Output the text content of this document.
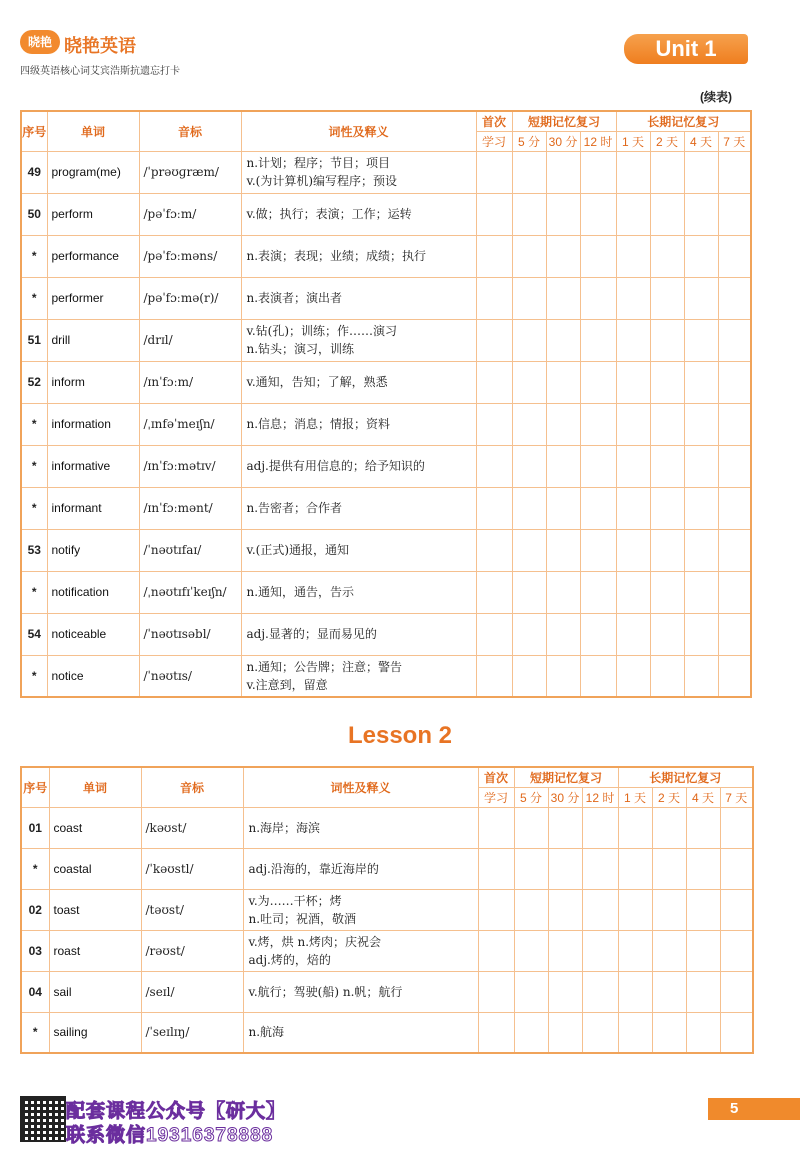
晓艳 晓艳英语
四级英语核心词艾宾浩斯抗遗忘打卡
Unit 1
(续表)
序号	单词	音标	词性及释义	首次	短期记忆复习			长期记忆复习			
				学习	5 分	30 分	12 时	1 天	2 天	4 天	7 天
49	program(me)	/ˈprəʊɡræm/	n.计划；程序；节目；项目
v.(为计算机)编写程序；预设								

50	perform	/pəˈfɔːm/	v.做；执行；表演；工作；运转								

*	performance	/pəˈfɔːməns/	n.表演；表现；业绩；成绩；执行								

*	performer	/pəˈfɔːmə(r)/	n.表演者；演出者								

51	drill	/drɪl/	v.钻(孔)；训练；作……演习
n.钻头；演习，训练								

52	inform	/ɪnˈfɔːm/	v.通知，告知；了解，熟悉								

*	information	/ˌɪnfəˈmeɪʃn/	n.信息；消息；情报；资料								

*	informative	/ɪnˈfɔːmətɪv/	adj.提供有用信息的；给予知识的								

*	informant	/ɪnˈfɔːmənt/	n.告密者；合作者								

53	notify	/ˈnəʊtɪfaɪ/	v.(正式)通报，通知								

*	notification	/ˌnəʊtɪfɪˈkeɪʃn/	n.通知，通告，告示								

54	noticeable	/ˈnəʊtɪsəbl/	adj.显著的；显而易见的								

*	notice	/ˈnəʊtɪs/	n.通知；公告牌；注意；警告
v.注意到，留意								

Lesson 2
序号	单词	音标	词性及释义	首次	短期记忆复习			长期记忆复习			
				学习	5 分	30 分	12 时	1 天	2 天	4 天	7 天
01	coast	/kəʊst/	n.海岸；海滨								

*	coastal	/ˈkəʊstl/	adj.沿海的，靠近海岸的								

02	toast	/təʊst/	v.为……干杯；烤
n.吐司；祝酒，敬酒								

03	roast	/rəʊst/	v.烤，烘 n.烤肉；庆祝会
adj.烤的，焙的								

04	sail	/seɪl/	v.航行；驾驶(船) n.帆；航行								

*	sailing	/ˈseɪlɪŋ/	n.航海								

配套课程公众号【研大】
联系微信19316378888
5
